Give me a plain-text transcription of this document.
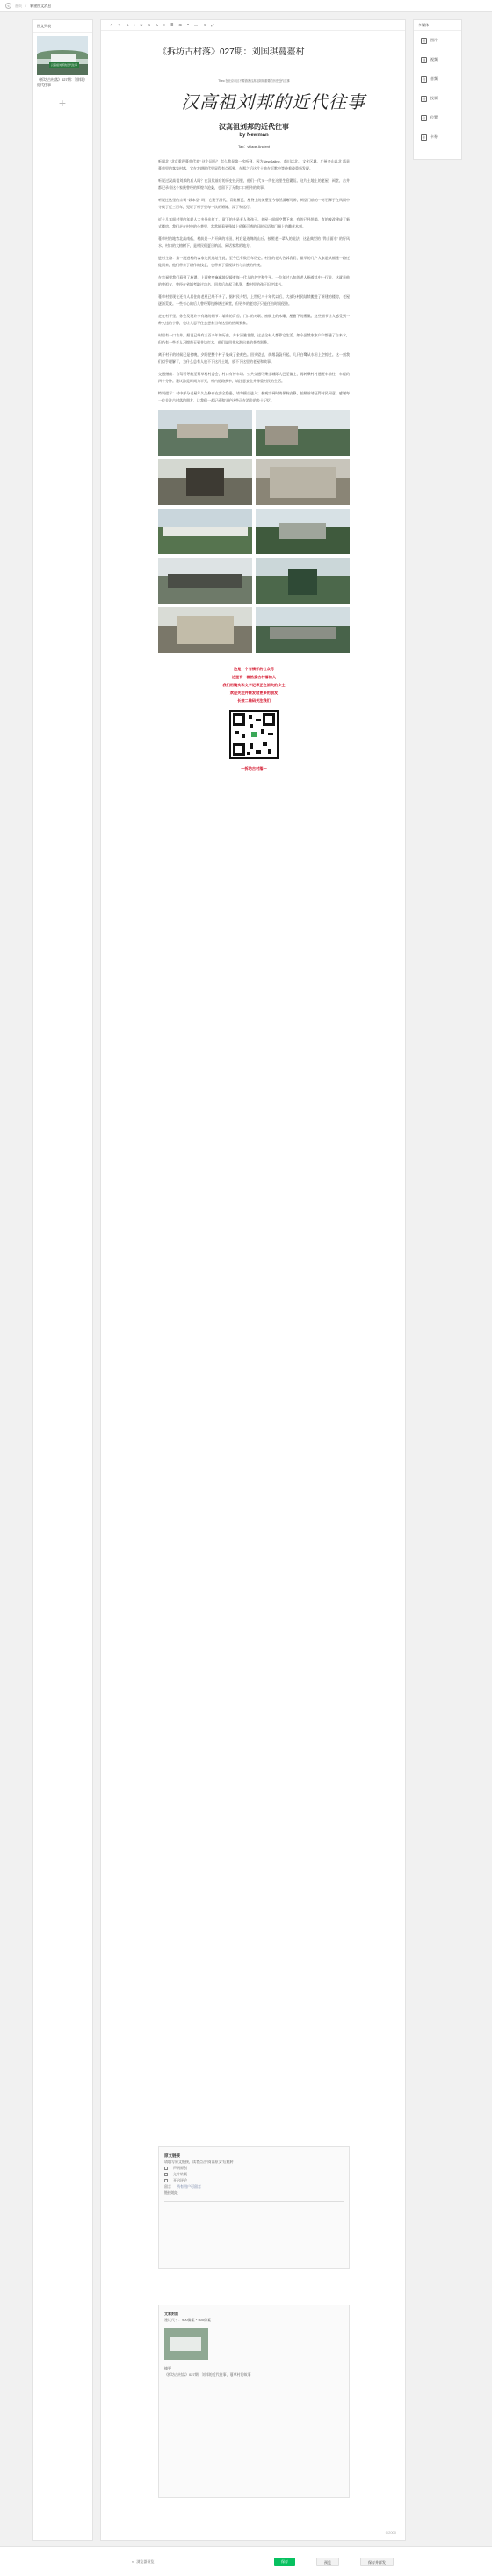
<	首页 / 新建图文消息
图文列表
汉高祖刘邦的近代往事
《拆坊古村落》027期：刘邦的近代往事
+
多媒体
图	图片
视	视频
音	音频
投	投票
位	位置
卡	卡券
↶ ↷ B I U S A ≡ ≣ ⊞ ❝ — ⟲ ⤢
《拆坊古村落》027期：刘国琪蔓薹村
Theo 在北京市区不要游客汉高祖刘邦重要的历史近代往事
汉高祖刘邦的近代往事
汉高祖刘邦的近代往事
by Newman
Tag：village Ancient

听闻北 “北京重现蔓草代表” 这个词吗？ 怎么我是第一次听到，因为NewSaline，南川以北。 文化区域。广州金山以北 都是蔓草里的客家村落，它在农耕时代里显得有点孤独，在那之后这片土地在沉默中等待着被重新发现。

听说过汉高祖刘邦的后人吗？在汉代前后的历史长河里，他们一代又一代在这里生息繁衍。这片土地上的老屋、祠堂、古井都记录着这个家族曾经的辉煌与沧桑，也留下了无数口口相传的故事。

听说过这里的宗祠 “敦本堂” 吗？它建于清代，青砖黛瓦，屋脊上的灰塑至今依然清晰可辨，祠堂门前的一对石狮子在风雨中守候了近三百年，见证了村子里每一次的婚嫁、添丁和远行。

近十几年间村里的年轻人大多外出打工，留下的多是老人和孩子。老屋一间间空置下来，有的已经坍塌，有的被改建成了新式楼房。我们走在村中的小巷里，常常能看到残墙上依稀可辨的旧时标语和门楣上的雕花木刻。

蔓草村的地势北高南低，村前是一片开阔的水田，村后是连绵的山丘。按照老一辈人的说法，这是典型的 “背山面水” 的好风水。村口的大榕树下，是村民们夏日纳凉、闲话家常的地方。

进村主路：第一批进村的客家先民选址于此，至今已有数百年历史。村里的老人告诉我们，最早的几户人家是从福建一路迁徙而来，他们带来了耕作的技艺，也带来了重视读书与宗族的传统。

在宗祠里我们看到了族谱，上面密密麻麻地记载着每一代人的名字和生平。一位年过八旬的老人指着其中一行说，这就是他的曾祖父，曾经在省城考取过功名，回乡后办起了私塾，教村里的孩子识字读书。

蔓草村里现在还有人居住的老屋已经不多了。据村民介绍，上世纪八十年代以后，大部分村民陆续搬进了新建的楼房，老屋逐渐荒废。一些有心的后人曾经筹钱修缮过祠堂，但更多的老房子只能任由时间侵蚀。

走在村子里，你会发现许多有趣的细节：墙角的青苔、门口的对联、窗棂上的木雕、屋檐下的燕巢。这些细节让人感受到一种久违的宁静，也让人忍不住去想象当年这里的热闹景象。

村里有一口古井，据说已经有三百多年的历史。井水清澈甘甜，过去全村人都靠它生活。如今虽然家家户户都通了自来水，但仍有一些老人习惯每天到井边打水，他们说用井水泡出来的茶特别香。

离开村子的时候已是傍晚，夕阳把整个村子染成了金黄色。回头望去，炊烟袅袅升起，几只白鹭从水田上空掠过。这一刻我们似乎理解了，为什么总有人放不下这片土地，放不下这里的老屋和故事。

交通指南：自驾可导航至蔓草村村委会，村口有停车场；公共交通可乘坐城际大巴至镇上，再转乘村村通班车前往，车程约四十分钟。建议游览时间为半天，村内道路狭窄，请注意安全并尊重村民的生活。

特别提示：村中部分老屋年久失修存在安全隐患，请勿擅自进入；参观宗祠时请保持安静，拍照前请征得村民同意。感谢每一位关注古村落的朋友，让我们一起记录和守护这些正在消失的乡土记忆。

这是一个有情怀的公众号
这里有一群热爱古村落的人
我们用镜头和文字记录正在消失的乡土
欢迎关注并转发给更多的朋友
长按二维码关注我们
—拆坊古村落—
原文链接
请填写原文链接，读者点击“阅读原文”后跳转
声明原创
允许转载
开启评论
留言 所有用户可留言
链接地址
文章封面
建议尺寸：900像素 * 500像素
摘要
《拆坊古村落》027期：刘邦的近代往事，蔓草村的故事
0/2000
◐ 浏览器预览	保存	预览	保存并群发
